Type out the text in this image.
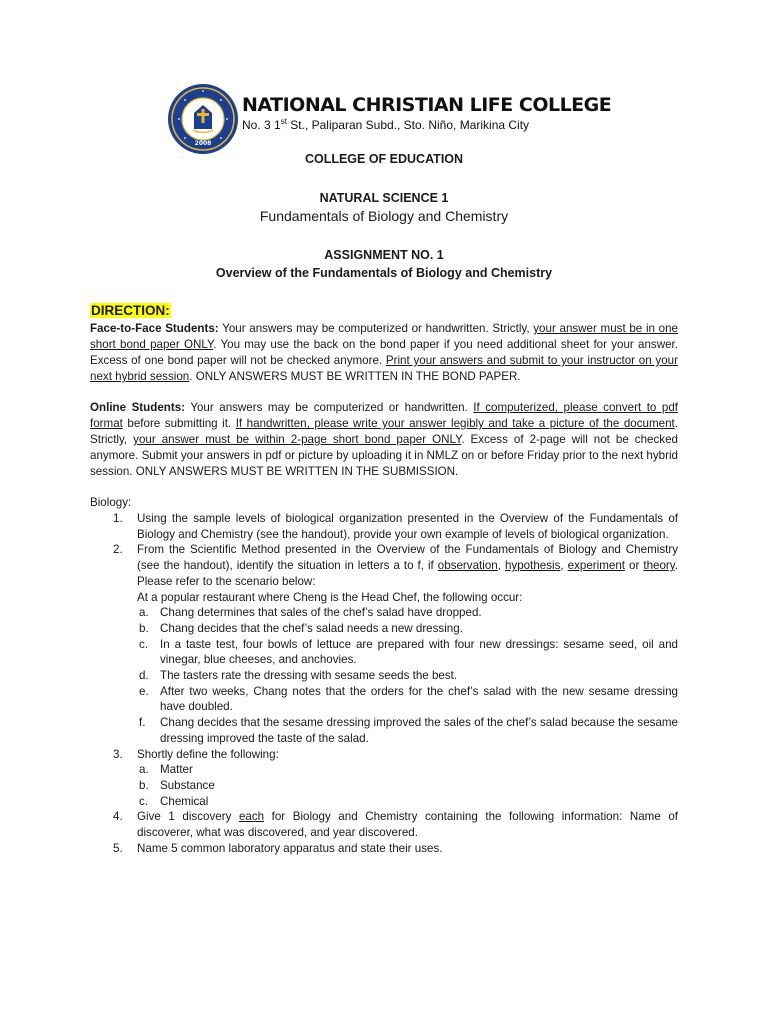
2008
NATIONAL CHRISTIAN LIFE COLLEGE
No. 3 1st St., Paliparan Subd., Sto. Niño, Marikina City
COLLEGE OF EDUCATION
NATURAL SCIENCE 1
Fundamentals of Biology and Chemistry
ASSIGNMENT NO. 1
Overview of the Fundamentals of Biology and Chemistry
DIRECTION:
Face-to-Face Students: Your answers may be computerized or handwritten. Strictly, your answer must be in one short bond paper ONLY. You may use the back on the bond paper if you need additional sheet for your answer. Excess of one bond paper will not be checked anymore. Print your answers and submit to your instructor on your next hybrid session. ONLY ANSWERS MUST BE WRITTEN IN THE BOND PAPER.
Online Students: Your answers may be computerized or handwritten. If computerized, please convert to pdf format before submitting it. If handwritten, please write your answer legibly and take a picture of the document. Strictly, your answer must be within 2-page short bond paper ONLY. Excess of 2-page will not be checked anymore. Submit your answers in pdf or picture by uploading it in NMLZ on or before Friday prior to the next hybrid session. ONLY ANSWERS MUST BE WRITTEN IN THE SUBMISSION.
Biology:
1. Using the sample levels of biological organization presented in the Overview of the Fundamentals of Biology and Chemistry (see the handout), provide your own example of levels of biological organization.
2. From the Scientific Method presented in the Overview of the Fundamentals of Biology and Chemistry (see the handout), identify the situation in letters a to f, if observation, hypothesis, experiment or theory. Please refer to the scenario below:
At a popular restaurant where Cheng is the Head Chef, the following occur:
a. Chang determines that sales of the chef’s salad have dropped.
b. Chang decides that the chef’s salad needs a new dressing.
c. In a taste test, four bowls of lettuce are prepared with four new dressings: sesame seed, oil and vinegar, blue cheeses, and anchovies.
d. The tasters rate the dressing with sesame seeds the best.
e. After two weeks, Chang notes that the orders for the chef’s salad with the new sesame dressing have doubled.
f. Chang decides that the sesame dressing improved the sales of the chef’s salad because the sesame dressing improved the taste of the salad.
3. Shortly define the following:
a. Matter
b. Substance
c. Chemical
4. Give 1 discovery each for Biology and Chemistry containing the following information: Name of discoverer, what was discovered, and year discovered.
5. Name 5 common laboratory apparatus and state their uses.
